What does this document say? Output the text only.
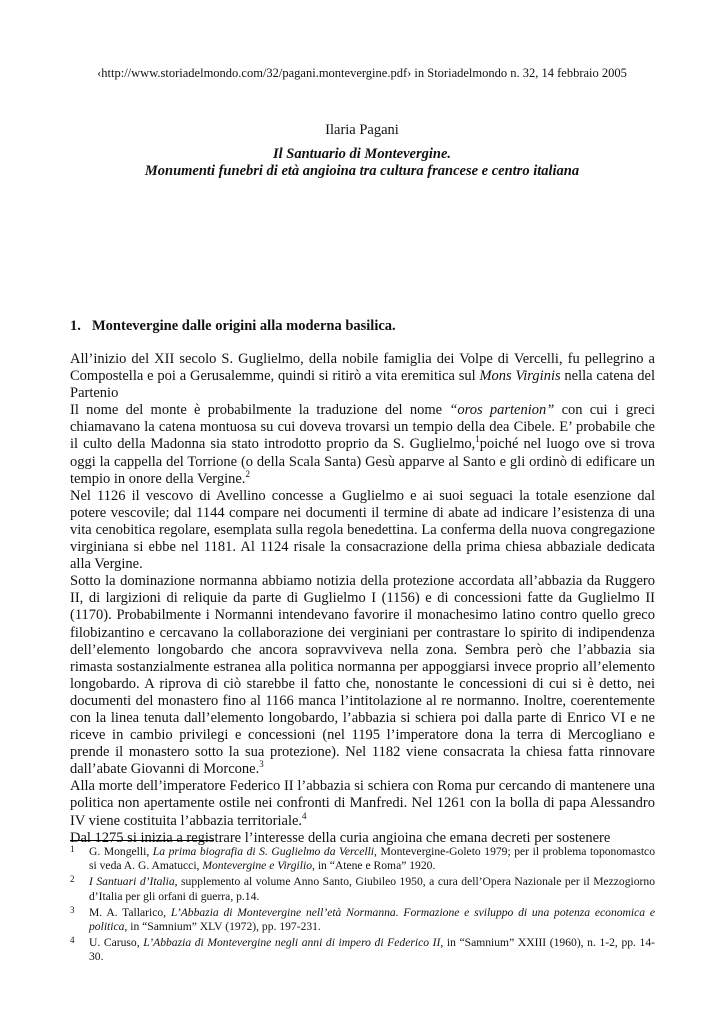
‹http://www.storiadelmondo.com/32/pagani.montevergine.pdf› in Storiadelmondo n. 32, 14 febbraio 2005
Ilaria Pagani
Il Santuario di Montevergine.
Monumenti funebri di età angioina tra cultura francese e centro italiana
1. Montevergine dalle origini alla moderna basilica.

All’inizio del XII secolo S. Guglielmo, della nobile famiglia dei Volpe di Vercelli, fu pellegrino a Compostella e poi a Gerusalemme, quindi si ritirò a vita eremitica sul Mons Virginis nella catena del Partenio

Il nome del monte è probabilmente la traduzione del nome “oros partenion” con cui i greci chiamavano la catena montuosa su cui doveva trovarsi un tempio della dea Cibele. E’ probabile che il culto della Madonna sia stato introdotto proprio da S. Guglielmo,$^1$poiché nel luogo ove si trova oggi la cappella del Torrione (o della Scala Santa) Gesù apparve al Santo e gli ordinò di edificare un tempio in onore della Vergine.$^2$

Nel 1126 il vescovo di Avellino concesse a Guglielmo e ai suoi seguaci la totale esenzione dal potere vescovile; dal 1144 compare nei documenti il termine di abate ad indicare l’esistenza di una vita cenobitica regolare, esemplata sulla regola benedettina. La conferma della nuova congregazione virginiana si ebbe nel 1181. Al 1124 risale la consacrazione della prima chiesa abbaziale dedicata alla Vergine.

Sotto la dominazione normanna abbiamo notizia della protezione accordata all’abbazia da Ruggero II, di largizioni di reliquie da parte di Guglielmo I (1156) e di concessioni fatte da Guglielmo II (1170). Probabilmente i Normanni intendevano favorire il monachesimo latino contro quello greco filobizantino e cercavano la collaborazione dei verginiani per contrastare lo spirito di indipendenza dell’elemento longobardo che ancora sopravviveva nella zona. Sembra però che l’abbazia sia rimasta sostanzialmente estranea alla politica normanna per appoggiarsi invece proprio all’elemento longobardo. A riprova di ciò starebbe il fatto che, nonostante le concessioni di cui si è detto, nei documenti del monastero fino al 1166 manca l’intitolazione al re normanno. Inoltre, coerentemente con la linea tenuta dall’elemento longobardo, l’abbazia si schiera poi dalla parte di Enrico VI e ne riceve in cambio privilegi e concessioni (nel 1195 l’imperatore dona la terra di Mercogliano e prende il monastero sotto la sua protezione). Nel 1182 viene consacrata la chiesa fatta rinnovare dall’abate Giovanni di Morcone.$^3$

Alla morte dell’imperatore Federico II l’abbazia si schiera con Roma pur cercando di mantenere una politica non apertamente ostile nei confronti di Manfredi. Nel 1261 con la bolla di papa Alessandro IV viene costituita l’abbazia territoriale.$^4$

Dal 1275 si inizia a registrare l’interesse della curia angioina che emana decreti per sostenere

1 G. Mongelli, La prima biografia di S. Guglielmo da Vercelli, Montevergine-Goleto 1979; per il problema toponomastco si veda A. G. Amatucci, Montevergine e Virgilio, in “Atene e Roma” 1920.
2 I Santuari d’Italia, supplemento al volume Anno Santo, Giubileo 1950, a cura dell’Opera Nazionale per il Mezzogiorno d’Italia per gli orfani di guerra, p.14.
3 M. A. Tallarico, L’Abbazia di Montevergine nell’età Normanna. Formazione e sviluppo di una potenza economica e politica, in “Samnium” XLV (1972), pp. 197-231.
4 U. Caruso, L’Abbazia di Montevergine negli anni di impero di Federico II, in “Samnium” XXIII (1960), n. 1-2, pp. 14-30.
